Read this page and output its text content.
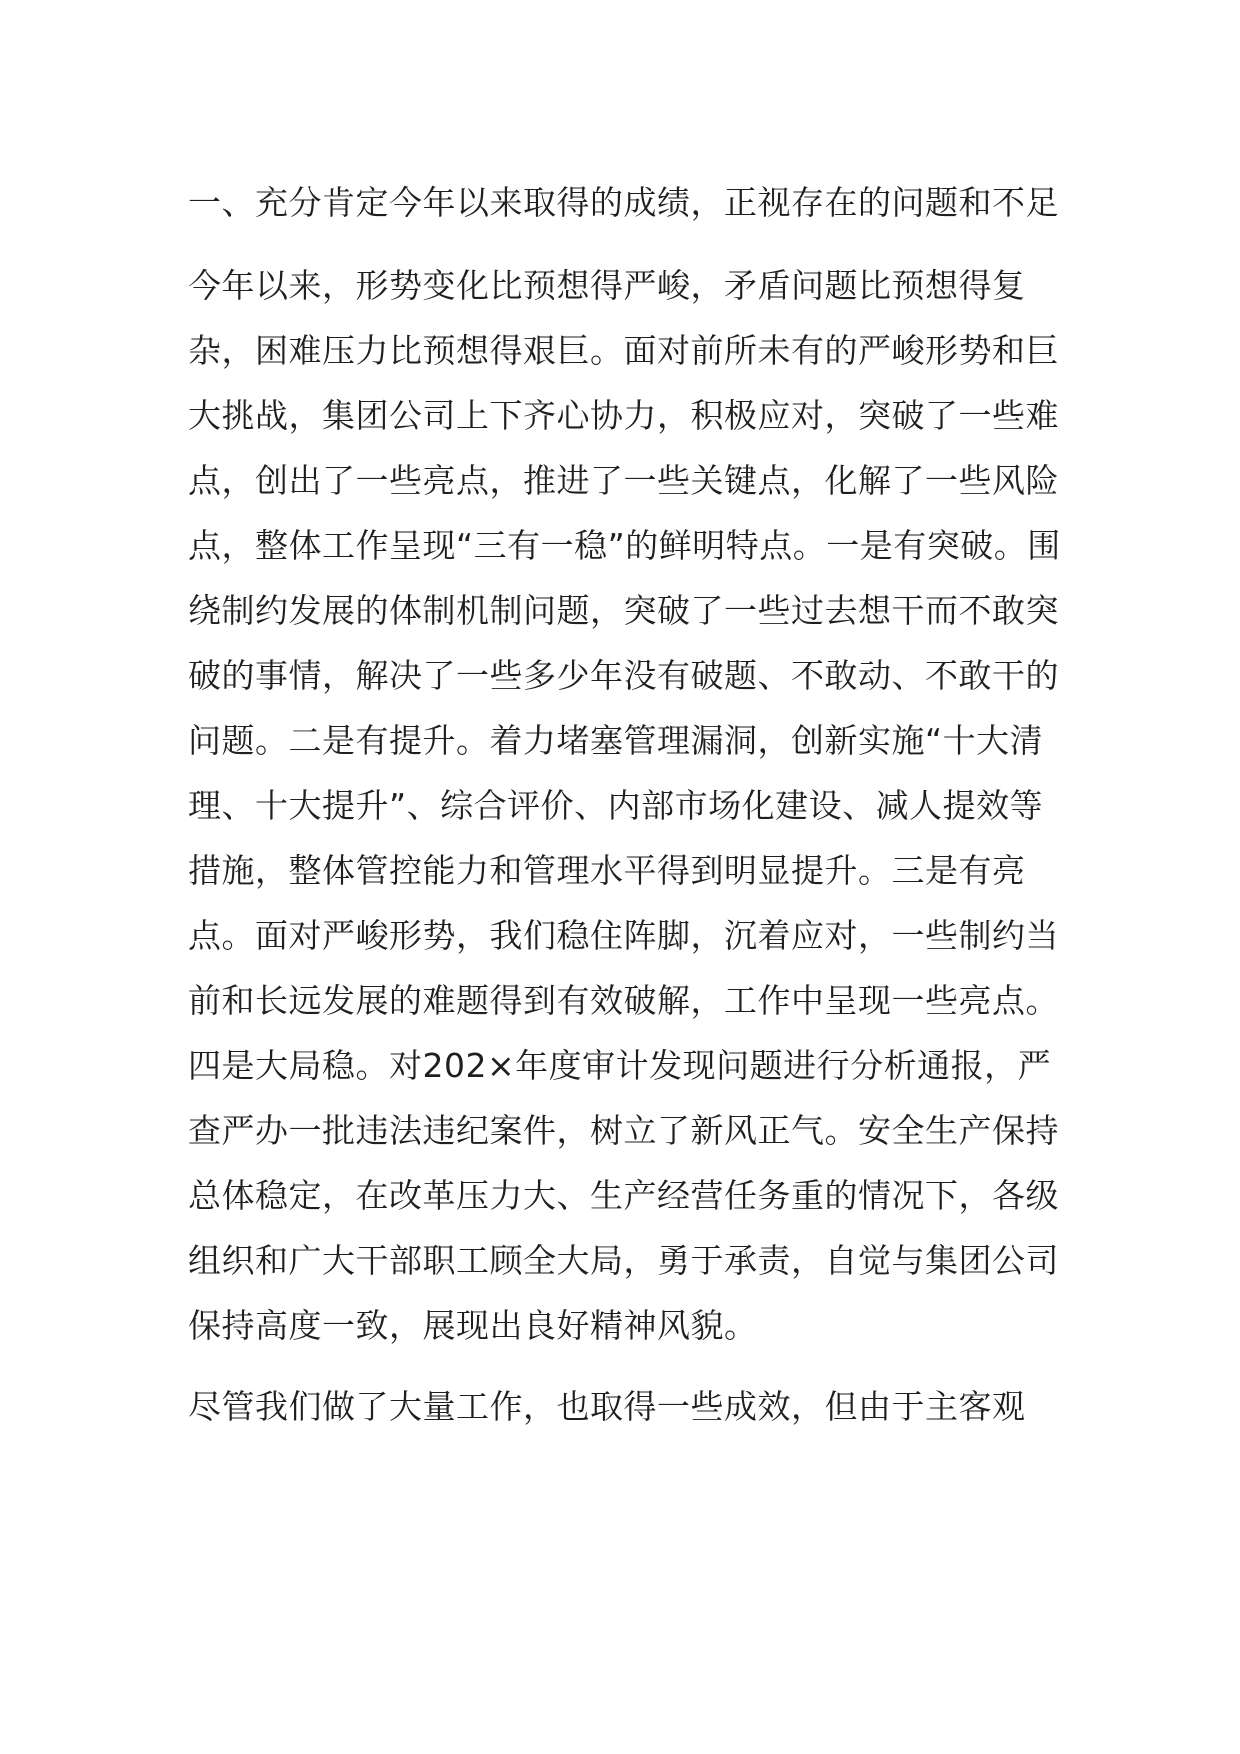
一、充分肯定今年以来取得的成绩，正视存在的问题和不足

今年以来，形势变化比预想得严峻，矛盾问题比预想得复杂，困难压力比预想得艰巨。面对前所未有的严峻形势和巨大挑战，集团公司上下齐心协力，积极应对，突破了一些难点，创出了一些亮点，推进了一些关键点，化解了一些风险点，整体工作呈现“三有一稳”的鲜明特点。一是有突破。围绕制约发展的体制机制问题，突破了一些过去想干而不敢突破的事情，解决了一些多少年没有破题、不敢动、不敢干的问题。二是有提升。着力堵塞管理漏洞，创新实施“十大清理、十大提升”、综合评价、内部市场化建设、减人提效等措施，整体管控能力和管理水平得到明显提升。三是有亮点。面对严峻形势，我们稳住阵脚，沉着应对，一些制约当前和长远发展的难题得到有效破解，工作中呈现一些亮点。四是大局稳。对202×年度审计发现问题进行分析通报，严查严办一批违法违纪案件，树立了新风正气。安全生产保持总体稳定，在改革压力大、生产经营任务重的情况下，各级组织和广大干部职工顾全大局，勇于承责，自觉与集团公司保持高度一致，展现出良好精神风貌。

尽管我们做了大量工作，也取得一些成效，但由于主客观
